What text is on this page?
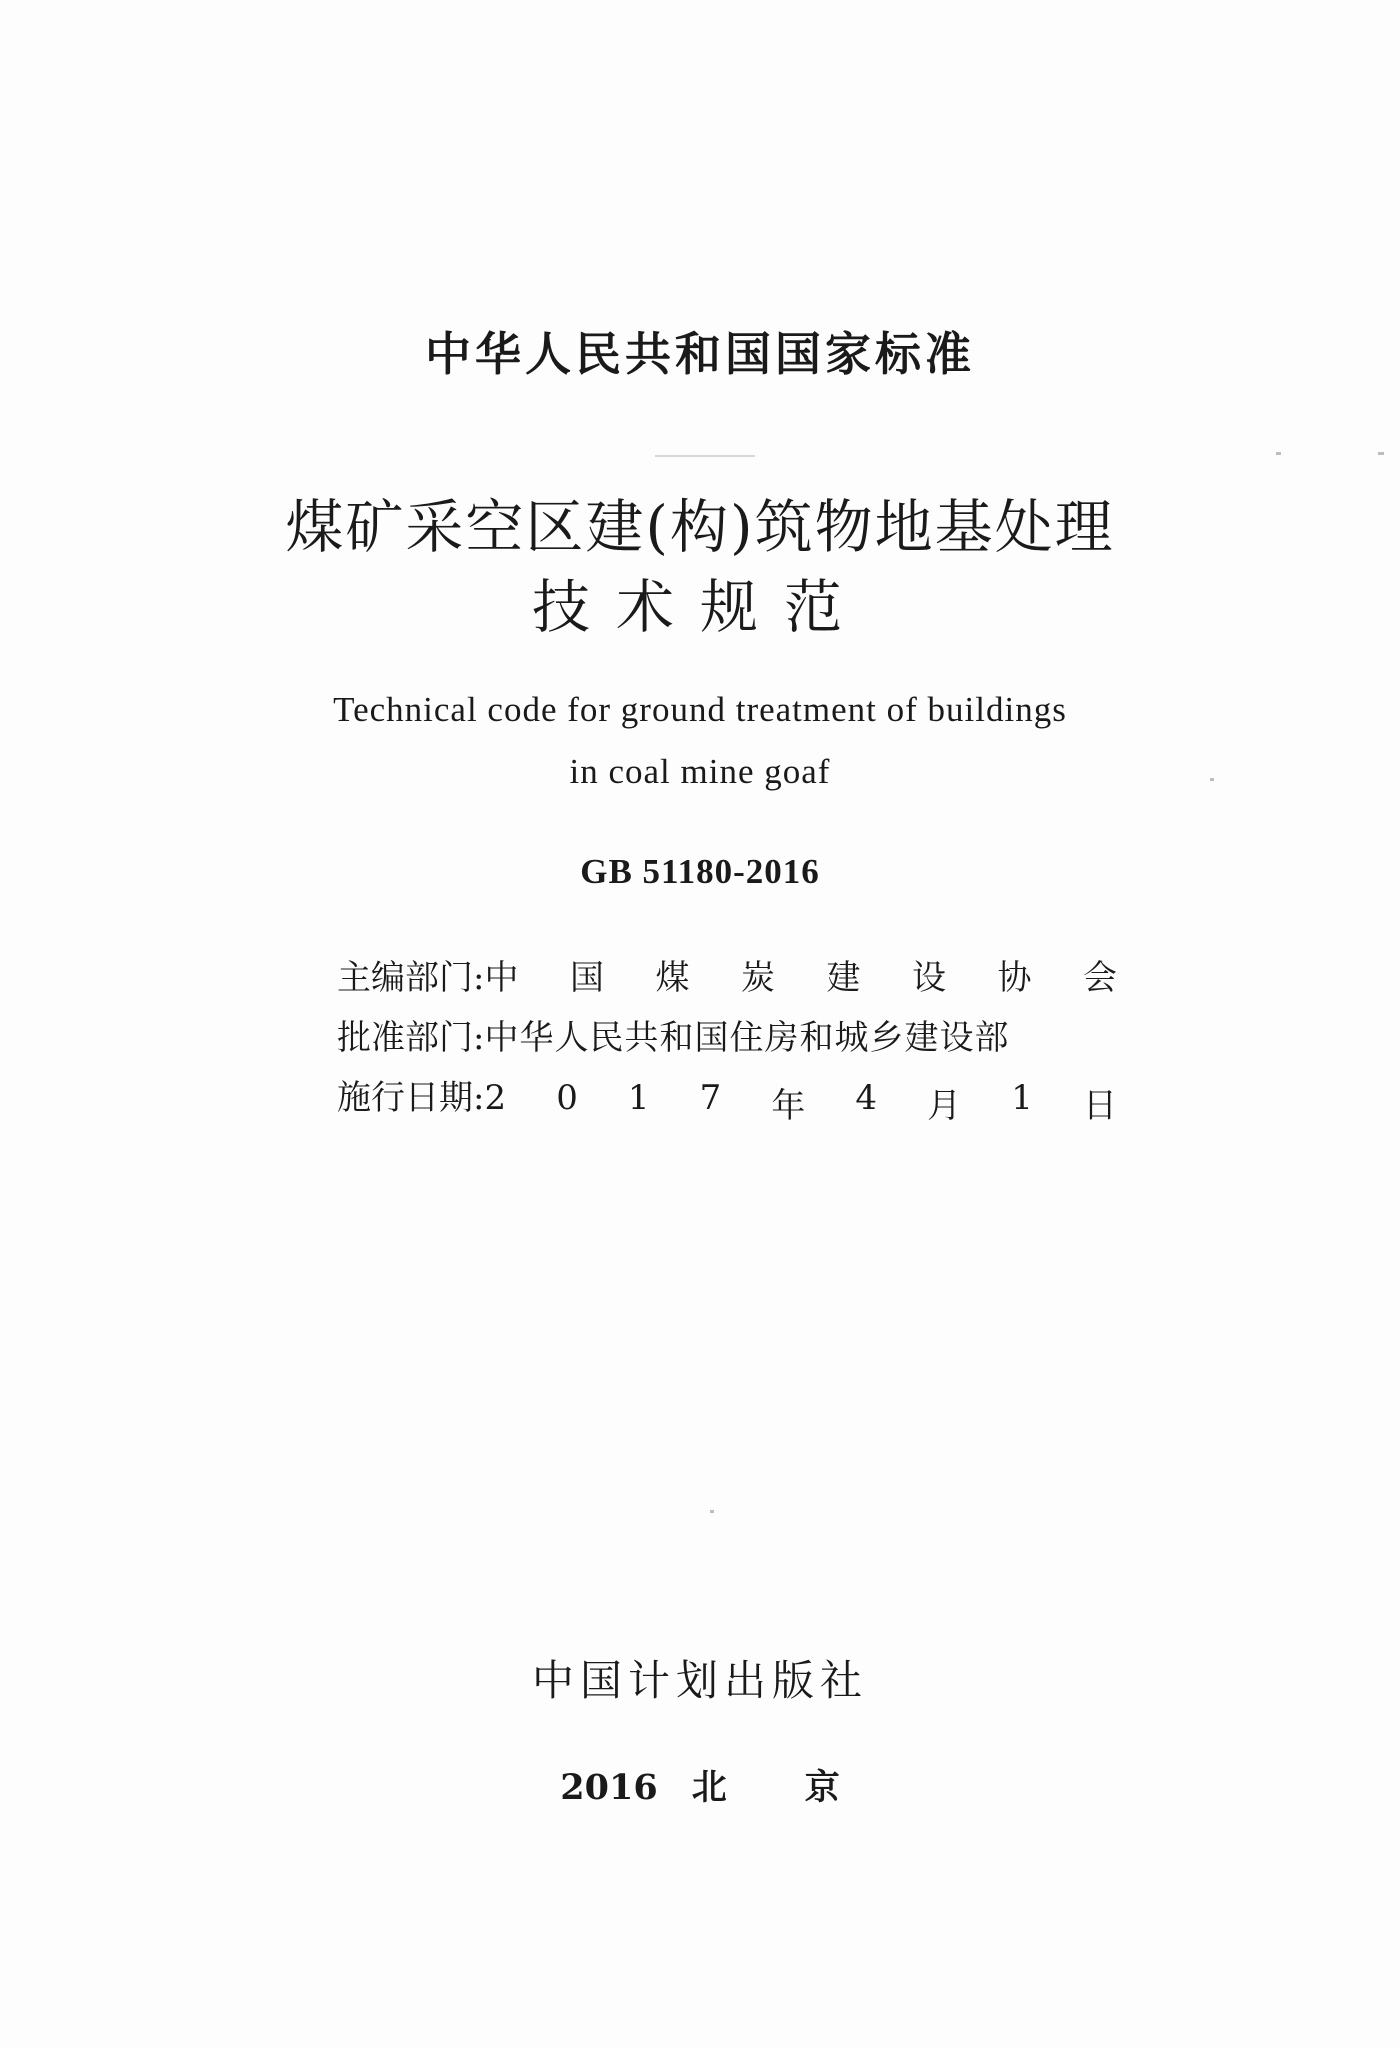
中华人民共和国国家标准
煤矿采空区建(构)筑物地基处理
技术规范
Technical code for ground treatment of buildings
in coal mine goaf
GB 51180-2016
主编部门: 中 国 煤 炭 建 设 协 会
批准部门: 中华人民共和国住房和城乡建设部
施行日期: 2 0 1 7 年 4 月 1 日
中国计划出版社
2016 北 京
